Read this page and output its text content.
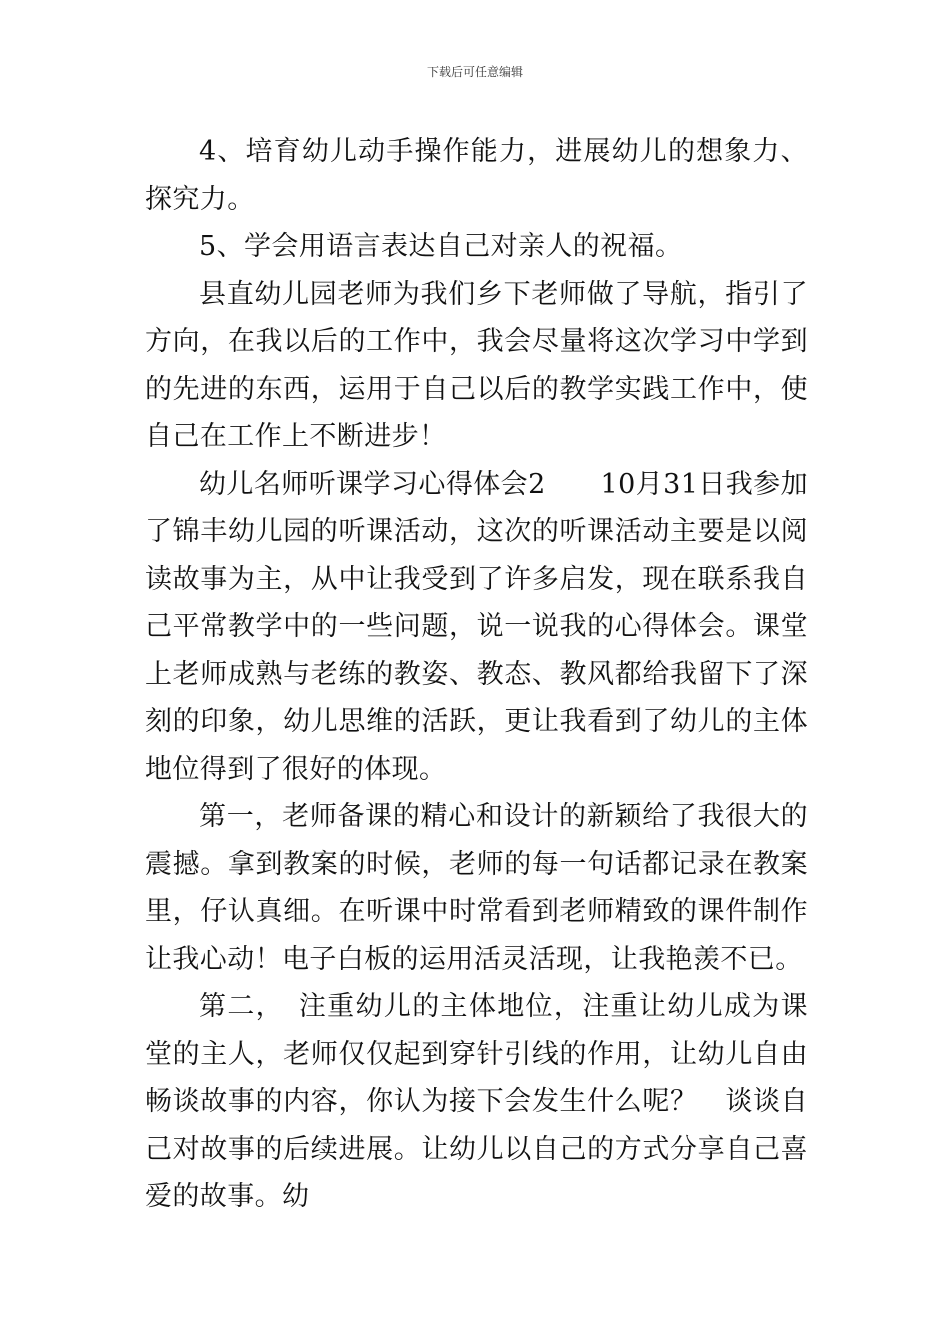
下载后可任意编辑

4、培育幼儿动手操作能力，进展幼儿的想象力、探究力。

5、学会用语言表达自己对亲人的祝福。

县直幼儿园老师为我们乡下老师做了导航，指引了方向，在我以后的工作中，我会尽量将这次学习中学到的先进的东西，运用于自己以后的教学实践工作中，使自己在工作上不断进步！

幼儿名师听课学习心得体会2　　10月31日我参加了锦丰幼儿园的听课活动，这次的听课活动主要是以阅读故事为主，从中让我受到了许多启发，现在联系我自己平常教学中的一些问题，说一说我的心得体会。课堂上老师成熟与老练的教姿、教态、教风都给我留下了深刻的印象，幼儿思维的活跃，更让我看到了幼儿的主体地位得到了很好的体现。

第一，老师备课的精心和设计的新颖给了我很大的震撼。拿到教案的时候，老师的每一句话都记录在教案里，仔认真细。在听课中时常看到老师精致的课件制作让我心动！电子白板的运用活灵活现，让我艳羡不已。

第二，　注重幼儿的主体地位，注重让幼儿成为课堂的主人，老师仅仅起到穿针引线的作用，让幼儿自由畅谈故事的内容，你认为接下会发生什么呢？　谈谈自己对故事的后续进展。让幼儿以自己的方式分享自己喜爱的故事。幼
